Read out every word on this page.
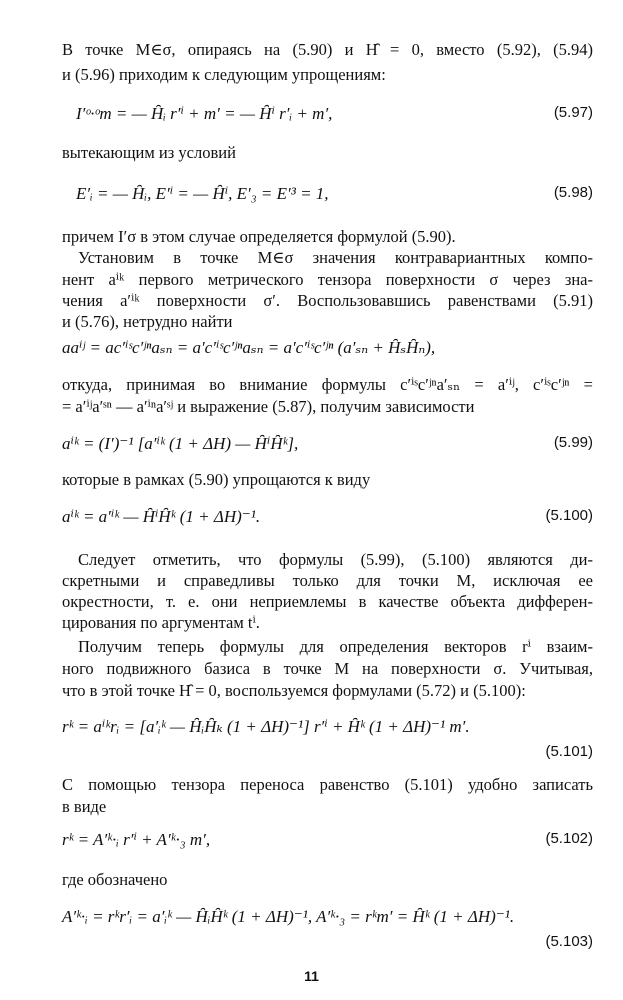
В точке M∈σ, опираясь на (5.90) и H̑ = 0, вместо (5.92), (5.94)
и (5.96) приходим к следующим упрощениям:
I′ᵒ·ᵒm = — H̑ᵢ r′ⁱ + m′ = — H̑ⁱ r′ᵢ + m′,	(5.97)
вытекающим из условий
E′ᵢ = — H̑ᵢ, E′ⁱ = — H̑ⁱ, E′₃ = E′³ = 1,	(5.98)
причем I′σ в этом случае определяется формулой (5.90).
Установим в точке M∈σ значения контравариантных компо-
нент aⁱᵏ первого метрического тензора поверхности σ через зна-
чения a′ⁱᵏ поверхности σ′. Воспользовавшись равенствами (5.91)
и (5.76), нетрудно найти
aaⁱʲ = ac′ⁱˢc′ʲⁿaₛₙ = a′c′ⁱˢc′ʲⁿaₛₙ = a′c′ⁱˢc′ʲⁿ (a′ₛₙ + H̑ₛH̑ₙ),
откуда, принимая во внимание формулы c′ⁱˢc′ʲⁿa′ₛₙ = a′ⁱʲ, c′ⁱˢc′ʲⁿ =
= a′ⁱʲa′ˢⁿ — a′ⁱⁿa′ˢʲ и выражение (5.87), получим зависимости
aⁱᵏ = (I′)⁻¹ [a′ⁱᵏ (1 + ΔH) — H̑ⁱH̑ᵏ],	(5.99)
которые в рамках (5.90) упрощаются к виду
aⁱᵏ = a′ⁱᵏ — H̑ⁱH̑ᵏ (1 + ΔH)⁻¹.	(5.100)
Следует отметить, что формулы (5.99), (5.100) являются ди-
скретными и справедливы только для точки M, исключая ее
окрестности, т. е. они неприемлемы в качестве объекта дифферен-
цирования по аргументам tⁱ.
Получим теперь формулы для определения векторов rⁱ взаим-
ного подвижного базиса в точке M на поверхности σ. Учитывая,
что в этой точке H̑ = 0, воспользуемся формулами (5.72) и (5.100):
rᵏ = aⁱᵏrᵢ = [a′ᵢᵏ — H̑ᵢH̑ₖ (1 + ΔH)⁻¹] r′ⁱ + H̑ᵏ (1 + ΔH)⁻¹ m′.
(5.101)
С помощью тензора переноса равенство (5.101) удобно записать
в виде
rᵏ = A′ᵏ·ᵢ r′ⁱ + A′ᵏ·₃ m′,	(5.102)
где обозначено
A′ᵏ·ᵢ = rᵏr′ᵢ = a′ᵢᵏ — H̑ᵢH̑ᵏ (1 + ΔH)⁻¹, A′ᵏ·₃ = rᵏm′ = H̑ᵏ (1 + ΔH)⁻¹.
(5.103)
11
